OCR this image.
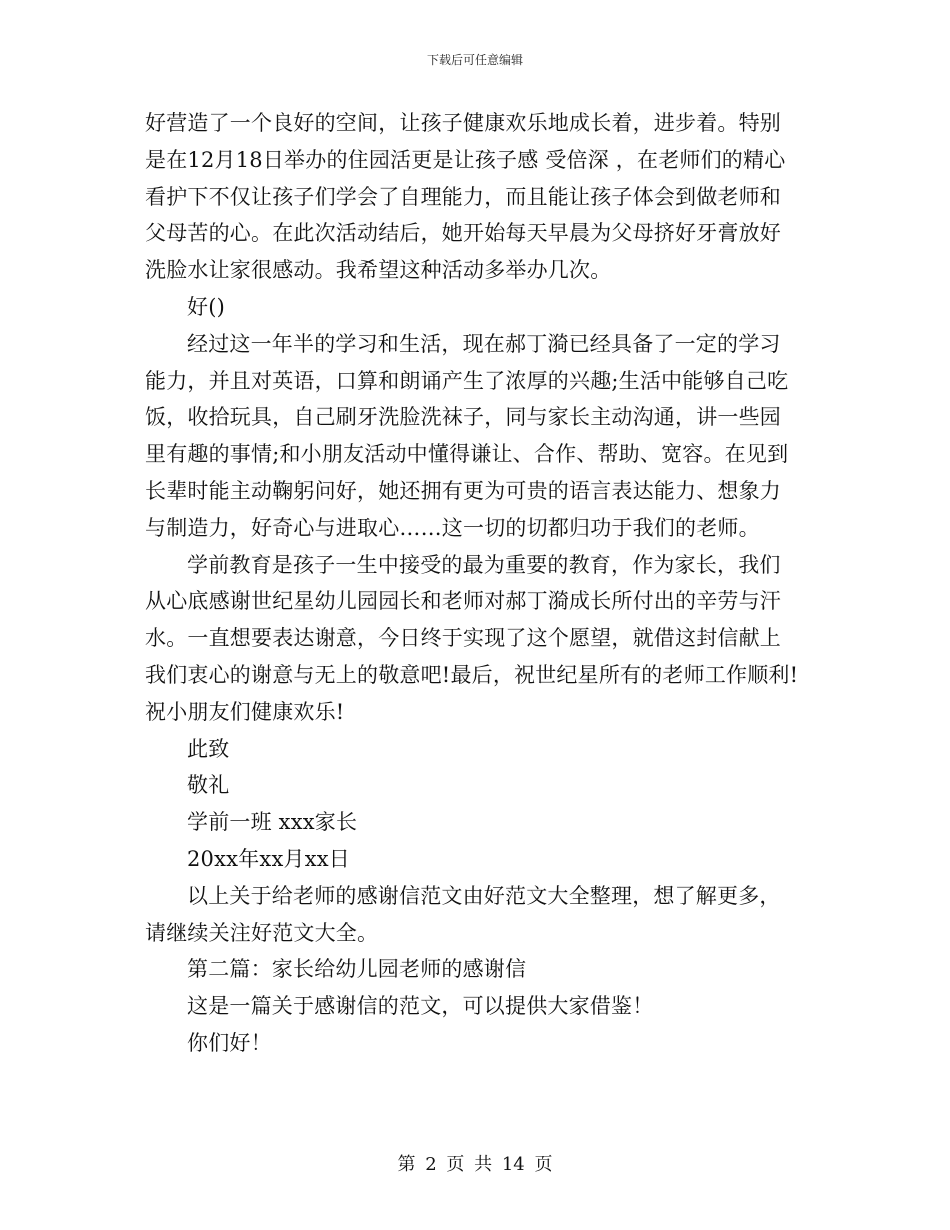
下载后可任意编辑
好营造了一个良好的空间，让孩子健康欢乐地成长着，进步着。特别
是在12月18日举办的住园活更是让孩子感 受倍深 ，在老师们的精心
看护下不仅让孩子们学会了自理能力，而且能让孩子体会到做老师和
父母苦的心。在此次活动结后，她开始每天早晨为父母挤好牙膏放好
洗脸水让家很感动。我希望这种活动多举办几次。
好()
经过这一年半的学习和生活，现在郝丁漪已经具备了一定的学习
能力，并且对英语，口算和朗诵产生了浓厚的兴趣;生活中能够自己吃
饭，收拾玩具，自己刷牙洗脸洗袜子，同与家长主动沟通，讲一些园
里有趣的事情;和小朋友活动中懂得谦让、合作、帮助、宽容。在见到
长辈时能主动鞠躬问好，她还拥有更为可贵的语言表达能力、想象力
与制造力，好奇心与进取心……这一切的切都归功于我们的老师。
学前教育是孩子一生中接受的最为重要的教育，作为家长，我们
从心底感谢世纪星幼儿园园长和老师对郝丁漪成长所付出的辛劳与汗
水。一直想要表达谢意，今日终于实现了这个愿望，就借这封信献上
我们衷心的谢意与无上的敬意吧!最后，祝世纪星所有的老师工作顺利!
祝小朋友们健康欢乐!
此致
敬礼
学前一班 xxx家长
20xx年xx月xx日
以上关于给老师的感谢信范文由好范文大全整理，想了解更多，
请继续关注好范文大全。
第二篇：家长给幼儿园老师的感谢信
这是一篇关于感谢信的范文，可以提供大家借鉴！
你们好！
第 2 页 共 14 页
